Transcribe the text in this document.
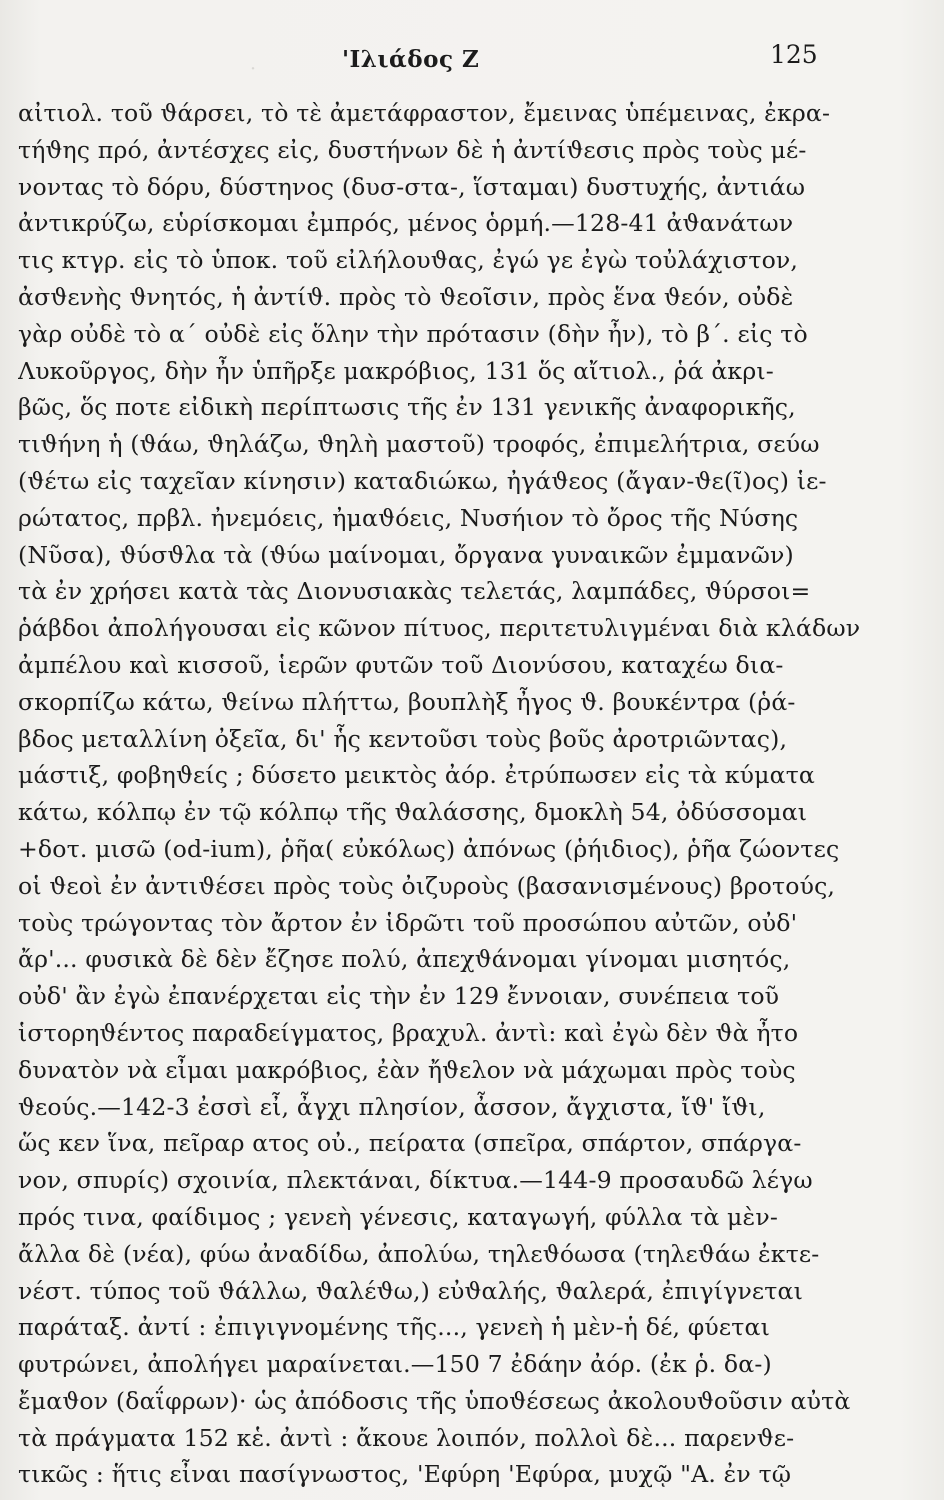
·	'Ιλιάδος Ζ	125
αἰτιολ. τοῦ ϑάρσει, τὸ τὲ ἀμετάφραστον, ἔμεινας ὑπέμεινας, ἐκρα-
τήϑης πρό, ἀντέσχες εἰς, δυστήνων δὲ ἡ ἀντίϑεσις πρὸς τοὺς μέ-
νοντας τὸ δόρυ, δύστηνος (δυσ-στα-, ἵσταμαι) δυστυχής, ἀντιάω
ἀντικρύζω, εὑρίσκομαι ἐμπρός, μένος ὁρμή.—128-41 ἀϑανάτων
τις κτγρ. εἰς τὸ ὑποκ. τοῦ εἰλήλουϑας, ἐγώ γε ἐγὼ τοὐλάχιστον,
ἀσϑενὴς ϑνητός, ἡ ἀντίϑ. πρὸς τὸ ϑεοῖσιν, πρὸς ἕνα ϑεόν, οὐδὲ
γὰρ οὐδὲ τὸ α΄ οὐδὲ εἰς ὅλην τὴν πρότασιν (δὴν ἦν), τὸ β΄. εἰς τὸ
Λυκοῦργος, δὴν ἦν ὑπῆρξε μακρόβιος, 131 ὅς αἴτιολ., ῥά ἀκρι-
βῶς, ὅς ποτε εἰδικὴ περίπτωσις τῆς ἐν 131 γενικῆς ἀναφορικῆς,
τιϑήνη ἡ (ϑάω, ϑηλάζω, ϑηλὴ μαστοῦ) τροφός, ἐπιμελήτρια, σεύω
(ϑέτω εἰς ταχεῖαν κίνησιν) καταδιώκω, ἠγάϑεος (ἄγαν-ϑε(ῖ)ος) ἱε-
ρώτατος, πρβλ. ἠνεμόεις, ἠμαϑόεις, Νυσήιον τὸ ὄρος τῆς Νύσης
(Νῦσα), ϑύσϑλα τὰ (ϑύω μαίνομαι, ὄργανα γυναικῶν ἐμμανῶν)
τὰ ἐν χρήσει κατὰ τὰς Διονυσιακὰς τελετάς, λαμπάδες, ϑύρσοι=
ῥάβδοι ἀπολήγουσαι εἰς κῶνον πίτυος, περιτετυλιγμέναι διὰ κλάδων
ἀμπέλου καὶ κισσοῦ, ἱερῶν φυτῶν τοῦ Διονύσου, καταχέω δια-
σκορπίζω κάτω, ϑείνω πλήττω, βουπλὴξ ἦγος ϑ. βουκέντρα (ῥά-
βδος μεταλλίνη ὀξεῖα, δι' ἧς κεντοῦσι τοὺς βοῦς ἀροτριῶντας),
μάστιξ, φοβηϑείς ; δύσετο μεικτὸς ἀόρ. ἐτρύπωσεν εἰς τὰ κύματα
κάτω, κόλπῳ ἐν τῷ κόλπῳ τῆς ϑαλάσσης, δμοκλὴ 54, ὀδύσσομαι
+δοτ. μισῶ (od-ium), ῥῆα( εὐκόλως) ἀπόνως (ῥήιδιος), ῥῆα ζώοντες
οἱ ϑεοὶ ἐν ἀντιϑέσει πρὸς τοὺς ὀιζυροὺς (βασανισμένους) βροτούς,
τοὺς τρώγοντας τὸν ἄρτον ἐν ἱδρῶτι τοῦ προσώπου αὐτῶν, οὐδ'
ἄρ'... φυσικὰ δὲ δὲν ἔζησε πολύ, ἀπεχϑάνομαι γίνομαι μισητός,
οὐδ' ἂν ἐγὼ ἐπανέρχεται εἰς τὴν ἐν 129 ἔννοιαν, συνέπεια τοῦ
ἱστορηϑέντος παραδείγματος, βραχυλ. ἀντὶ: καὶ ἐγὼ δὲν ϑὰ ἦτο
δυνατὸν νὰ εἶμαι μακρόβιος, ἐὰν ἤϑελον νὰ μάχωμαι πρὸς τοὺς
ϑεούς.—142-3 ἐσσὶ εἶ, ἆγχι πλησίον, ἆσσον, ἄγχιστα, ἴϑ' ἴϑι,
ὥς κεν ἵνα, πεῖραρ ατος οὐ., πείρατα (σπεῖρα, σπάρτον, σπάργα-
νον, σπυρίς) σχοινία, πλεκτάναι, δίκτυα.—144-9 προσαυδῶ λέγω
πρός τινα, φαίδιμος ; γενεὴ γένεσις, καταγωγή, φύλλα τὰ μὲν-
ἄλλα δὲ (νέα), φύω ἀναδίδω, ἀπολύω, τηλεϑόωσα (τηλεϑάω ἐκτε-
νέστ. τύπος τοῦ ϑάλλω, ϑαλέϑω,) εὐϑαλής, ϑαλερά, ἐπιγίγνεται
παράταξ. ἀντί : ἐπιγιγνομένης τῆς..., γενεὴ ἡ μὲν-ἡ δέ, φύεται
φυτρώνει, ἀπολήγει μαραίνεται.—150 7 ἐδάην ἀόρ. (ἐκ ῥ. δα-)
ἔμαϑον (δαΐφρων)· ὡς ἀπόδοσις τῆς ὑποϑέσεως ἀκολουϑοῦσιν αὐτὰ
τὰ πράγματα 152 κἑ. ἀντὶ : ἄκουε λοιπόν, πολλοὶ δὲ... παρενϑε-
τικῶς : ἥτις εἶναι πασίγνωστος, 'Εφύρη 'Εφύρα, μυχῷ "Α. ἐν τῷ
